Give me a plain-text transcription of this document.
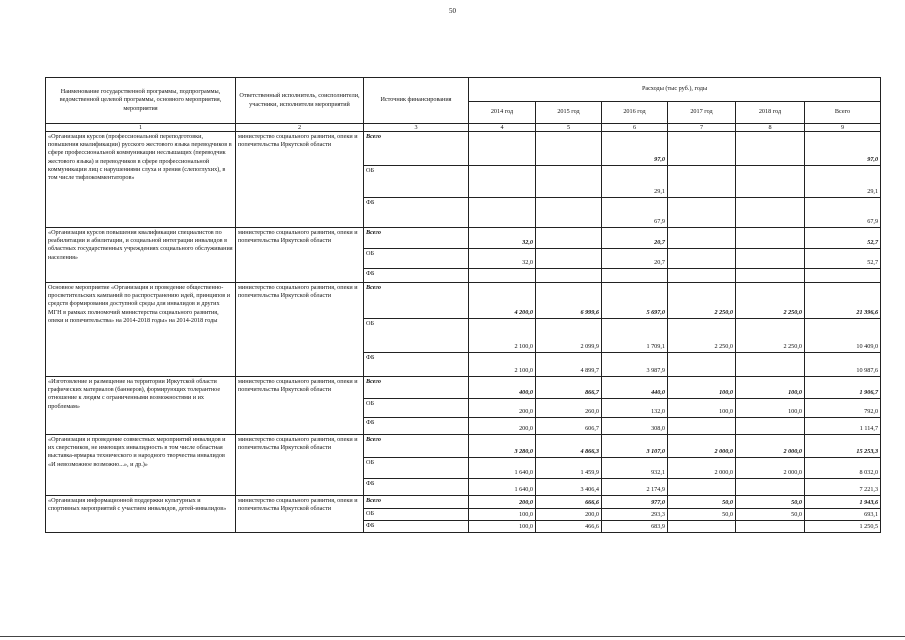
50
Наименование государственной программы, подпрограммы, ведомственной целевой программы, основного мероприятия, мероприятия	Ответственный исполнитель, соисполнители, участники, исполнители мероприятий	Источник финансирования	Расходы (тыс руб.), годы					
			2014 год	2015 год	2016 год	2017 год	2018 год	Всего
1	2	3	4	5	6	7	8	9
«Организация курсов (профессиональной переподготовки, повышения квалификации) русского жестового языка переводчиков в сфере профессиональной коммуникации неслышащих (переводчик жестового языка) и переводчиков в сфере профессиональной коммуникации лиц с нарушениями слуха и зрения (слепоглухих), в том числе тифлокомментаторов»	министерство социального развития, опеки и попечительства Иркутской области	Всего			97,0			97,0
		ОБ			29,1			29,1
		ФБ			67,9			67,9
«Организация курсов повышения квалификации специалистов по реабилитации и абилитации, и социальной интеграции инвалидов в областных государственных учреждениях социального обслуживания населения»	министерство социального развития, опеки и попечительства Иркутской области	Всего	32,0		20,7			52,7
		ОБ	32,0		20,7			52,7
		ФБ						
Основное мероприятие «Организация и проведение общественно-просветительских кампаний по распространению идей, принципов и средств формирования доступной среды для инвалидов и других МГН в рамках полномочий министерства социального развития, опеки и попечительства» на 2014-2018 годы» на 2014-2018 годы	министерство социального развития, опеки и попечительства Иркутской области	Всего	4 200,0	6 999,6	5 697,0	2 250,0	2 250,0	21 396,6
		ОБ	2 100,0	2 099,9	1 709,1	2 250,0	2 250,0	10 409,0
		ФБ	2 100,0	4 899,7	3 987,9			10 987,6
«Изготовление и размещение на территории Иркутской области графических материалов (баннеров), формирующих толерантное отношение к людям с ограниченными возможностями и их проблемам»	министерство социального развития, опеки и попечительства Иркутской области	Всего	400,0	866,7	440,0	100,0	100,0	1 906,7
		ОБ	200,0	260,0	132,0	100,0	100,0	792,0
		ФБ	200,0	606,7	308,0			1 114,7
«Организация и проведение совместных мероприятий инвалидов и их сверстников, не имеющих инвалидность в том числе областная выставка-ярмарка технического и народного творчества инвалидов «И невозможное возможно...», и др.)»	министерство социального развития, опеки и попечительства Иркутской области	Всего	3 280,0	4 866,3	3 107,0	2 000,0	2 000,0	15 253,3
		ОБ	1 640,0	1 459,9	932,1	2 000,0	2 000,0	8 032,0
		ФБ	1 640,0	3 406,4	2 174,9			7 221,3
«Организация информационной поддержки культурных и спортивных мероприятий с участием инвалидов, детей-инвалидов»	министерство социального развития, опеки и попечительства Иркутской области	Всего	200,0	666,6	977,0	50,0	50,0	1 943,6
		ОБ	100,0	200,0	293,3	50,0	50,0	693,1
		ФБ	100,0	466,6	683,9			1 250,5
